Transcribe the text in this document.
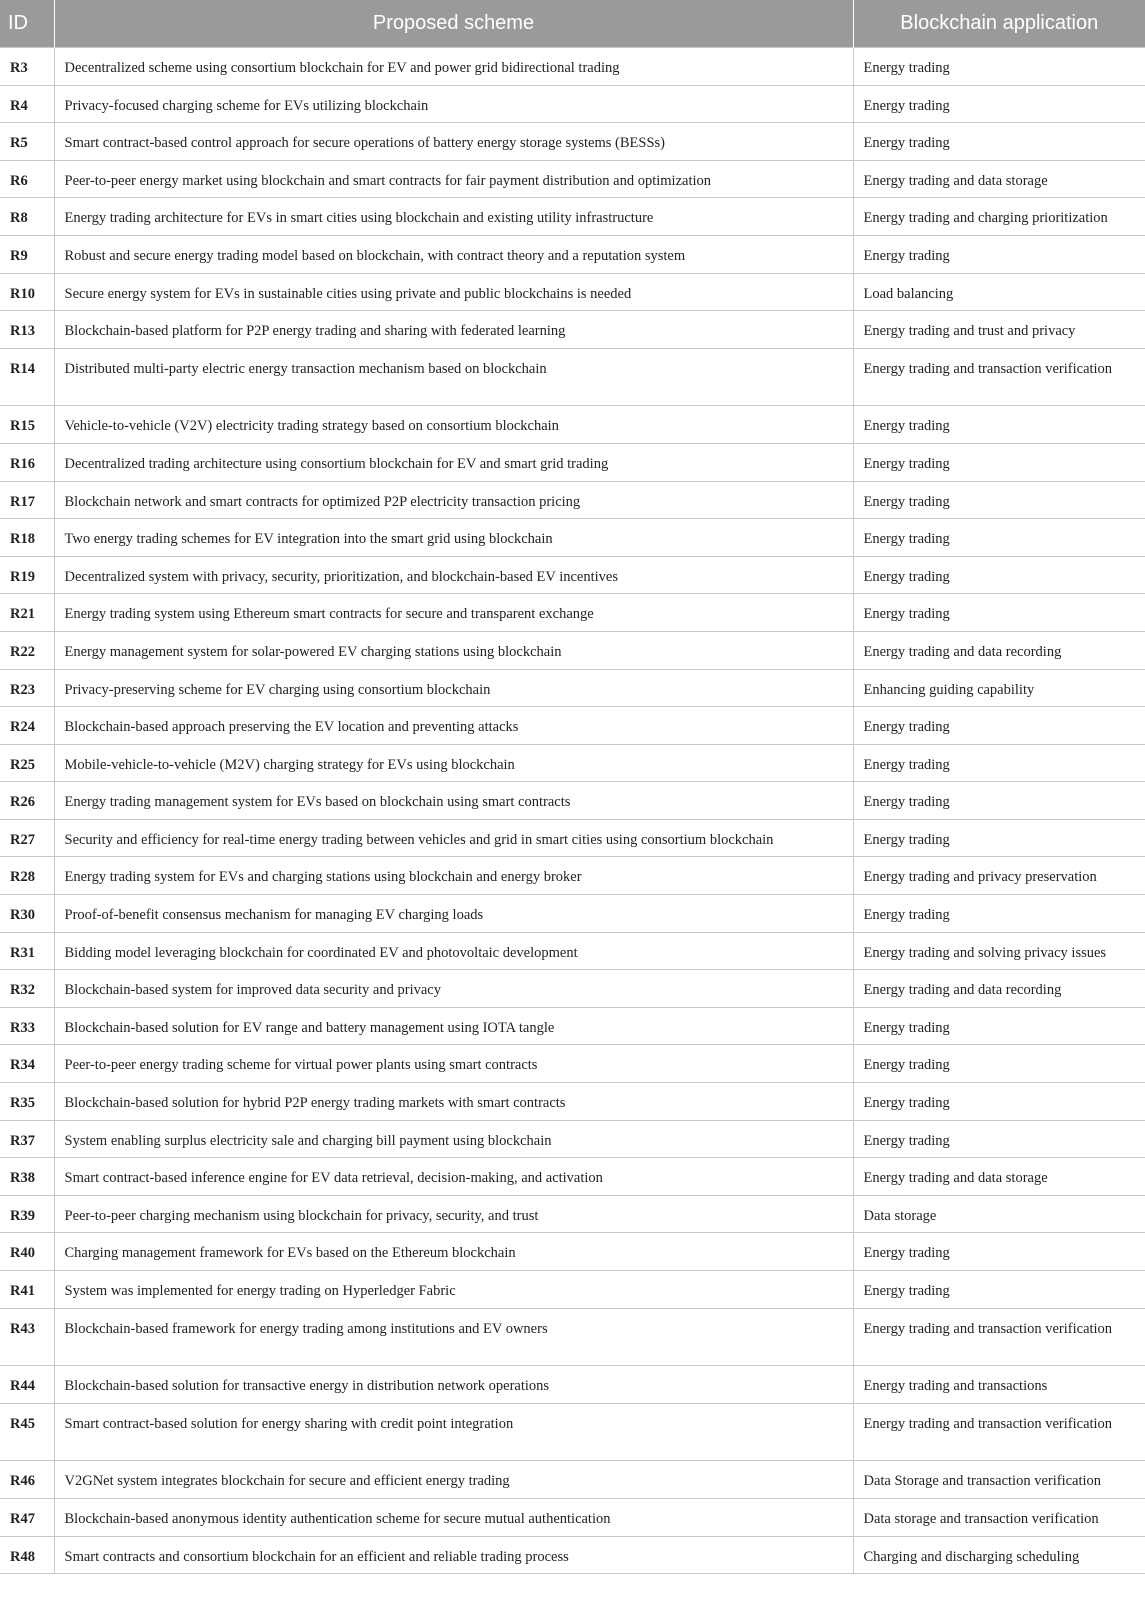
ID	Proposed scheme	Blockchain application
R3	Decentralized scheme using consortium blockchain for EV and power grid bidirectional trading	Energy trading
R4	Privacy-focused charging scheme for EVs utilizing blockchain	Energy trading
R5	Smart contract-based control approach for secure operations of battery energy storage systems (BESSs)	Energy trading
R6	Peer-to-peer energy market using blockchain and smart contracts for fair payment distribution and optimization	Energy trading and data storage
R8	Energy trading architecture for EVs in smart cities using blockchain and existing utility infrastructure	Energy trading and charging prioritization
R9	Robust and secure energy trading model based on blockchain, with contract theory and a reputation system	Energy trading
R10	Secure energy system for EVs in sustainable cities using private and public blockchains is needed	Load balancing
R13	Blockchain-based platform for P2P energy trading and sharing with federated learning	Energy trading and trust and privacy
R14	Distributed multi-party electric energy transaction mechanism based on blockchain	Energy trading and transaction verification
R15	Vehicle-to-vehicle (V2V) electricity trading strategy based on consortium blockchain	Energy trading
R16	Decentralized trading architecture using consortium blockchain for EV and smart grid trading	Energy trading
R17	Blockchain network and smart contracts for optimized P2P electricity transaction pricing	Energy trading
R18	Two energy trading schemes for EV integration into the smart grid using blockchain	Energy trading
R19	Decentralized system with privacy, security, prioritization, and blockchain-based EV incentives	Energy trading
R21	Energy trading system using Ethereum smart contracts for secure and transparent exchange	Energy trading
R22	Energy management system for solar-powered EV charging stations using blockchain	Energy trading and data recording
R23	Privacy-preserving scheme for EV charging using consortium blockchain	Enhancing guiding capability
R24	Blockchain-based approach preserving the EV location and preventing attacks	Energy trading
R25	Mobile-vehicle-to-vehicle (M2V) charging strategy for EVs using blockchain	Energy trading
R26	Energy trading management system for EVs based on blockchain using smart contracts	Energy trading
R27	Security and efficiency for real-time energy trading between vehicles and grid in smart cities using consortium blockchain	Energy trading
R28	Energy trading system for EVs and charging stations using blockchain and energy broker	Energy trading and privacy preservation
R30	Proof-of-benefit consensus mechanism for managing EV charging loads	Energy trading
R31	Bidding model leveraging blockchain for coordinated EV and photovoltaic development	Energy trading and solving privacy issues
R32	Blockchain-based system for improved data security and privacy	Energy trading and data recording
R33	Blockchain-based solution for EV range and battery management using IOTA tangle	Energy trading
R34	Peer-to-peer energy trading scheme for virtual power plants using smart contracts	Energy trading
R35	Blockchain-based solution for hybrid P2P energy trading markets with smart contracts	Energy trading
R37	System enabling surplus electricity sale and charging bill payment using blockchain	Energy trading
R38	Smart contract-based inference engine for EV data retrieval, decision-making, and activation	Energy trading and data storage
R39	Peer-to-peer charging mechanism using blockchain for privacy, security, and trust	Data storage
R40	Charging management framework for EVs based on the Ethereum blockchain	Energy trading
R41	System was implemented for energy trading on Hyperledger Fabric	Energy trading
R43	Blockchain-based framework for energy trading among institutions and EV owners	Energy trading and transaction verification
R44	Blockchain-based solution for transactive energy in distribution network operations	Energy trading and transactions
R45	Smart contract-based solution for energy sharing with credit point integration	Energy trading and transaction verification
R46	V2GNet system integrates blockchain for secure and efficient energy trading	Data Storage and transaction verification
R47	Blockchain-based anonymous identity authentication scheme for secure mutual authentication	Data storage and transaction verification
R48	Smart contracts and consortium blockchain for an efficient and reliable trading process	Charging and discharging scheduling
